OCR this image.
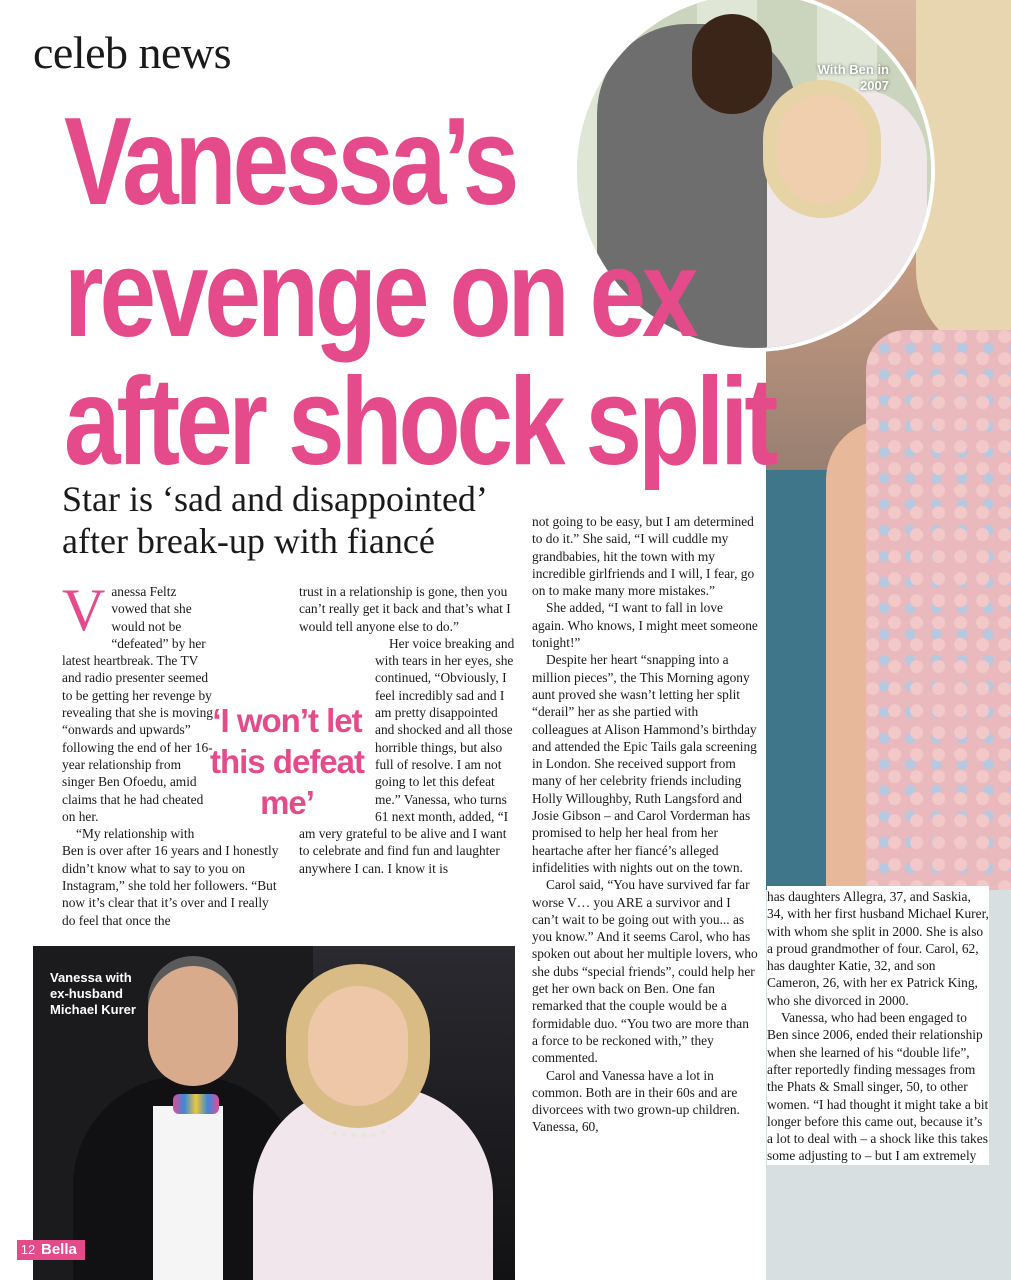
With Ben in 2007
celeb news
Vanessa’s
revenge on ex
after shock split
Star is ‘sad and disappointed’ after break-up with fiancé
V anessa Feltz vowed that she would not be “defeated” by her latest heartbreak. The TV and radio presenter seemed to be getting her revenge by revealing that she is moving “onwards and upwards” following the end of her 16-year relationship from singer Ben Ofoedu, amid claims that he had cheated on her.

“My relationship with Ben is over after 16 years and I honestly didn’t know what to say to you on Instagram,” she told her followers. “But now it’s clear that it’s over and I really do feel that once the

trust in a relationship is gone, then you can’t really get it back and that’s what I would tell anyone else to do.”

Her voice breaking and with tears in her eyes, she continued, “Obviously, I feel incredibly sad and I am pretty disappointed and shocked and all those horrible things, but also full of resolve. I am not going to let this defeat me.” Vanessa, who turns 61 next month, added, “I am very grateful to be alive and I want to celebrate and find fun and laughter anywhere I can. I know it is

‘I won’t let this defeat me’

not going to be easy, but I am determined to do it.” She said, “I will cuddle my grandbabies, hit the town with my incredible girlfriends and I will, I fear, go on to make many more mistakes.”

She added, “I want to fall in love again. Who knows, I might meet someone tonight!”

Despite her heart “snapping into a million pieces”, the This Morning agony aunt proved she wasn’t letting her split “derail” her as she partied with colleagues at Alison Hammond’s birthday and attended the Epic Tails gala screening in London. She received support from many of her celebrity friends including Holly Willoughby, Ruth Langsford and Josie Gibson – and Carol Vorderman has promised to help her heal from her heartache after her fiancé’s alleged infidelities with nights out on the town.

Carol said, “You have survived far far worse V… you ARE a survivor and I can’t wait to be going out with you... as you know.” And it seems Carol, who has spoken out about her multiple lovers, who she dubs “special friends”, could help her get her own back on Ben. One fan remarked that the couple would be a formidable duo. “You two are more than a force to be reckoned with,” they commented.

Carol and Vanessa have a lot in common. Both are in their 60s and are divorcees with two grown-up children. Vanessa, 60,

has daughters Allegra, 37, and Saskia, 34, with her first husband Michael Kurer, with whom she split in 2000. She is also a proud grandmother of four. Carol, 62, has daughter Katie, 32, and son Cameron, 26, with her ex Patrick King, who she divorced in 2000.

Vanessa, who had been engaged to Ben since 2006, ended their relationship when she learned of his “double life”, after reportedly finding messages from the Phats & Small singer, 50, to other women. “I had thought it might take a bit longer before this came out, because it’s a lot to deal with – a shock like this takes some adjusting to – but I am extremely

Vanessa with ex-husband Michael Kurer
12 Bella
